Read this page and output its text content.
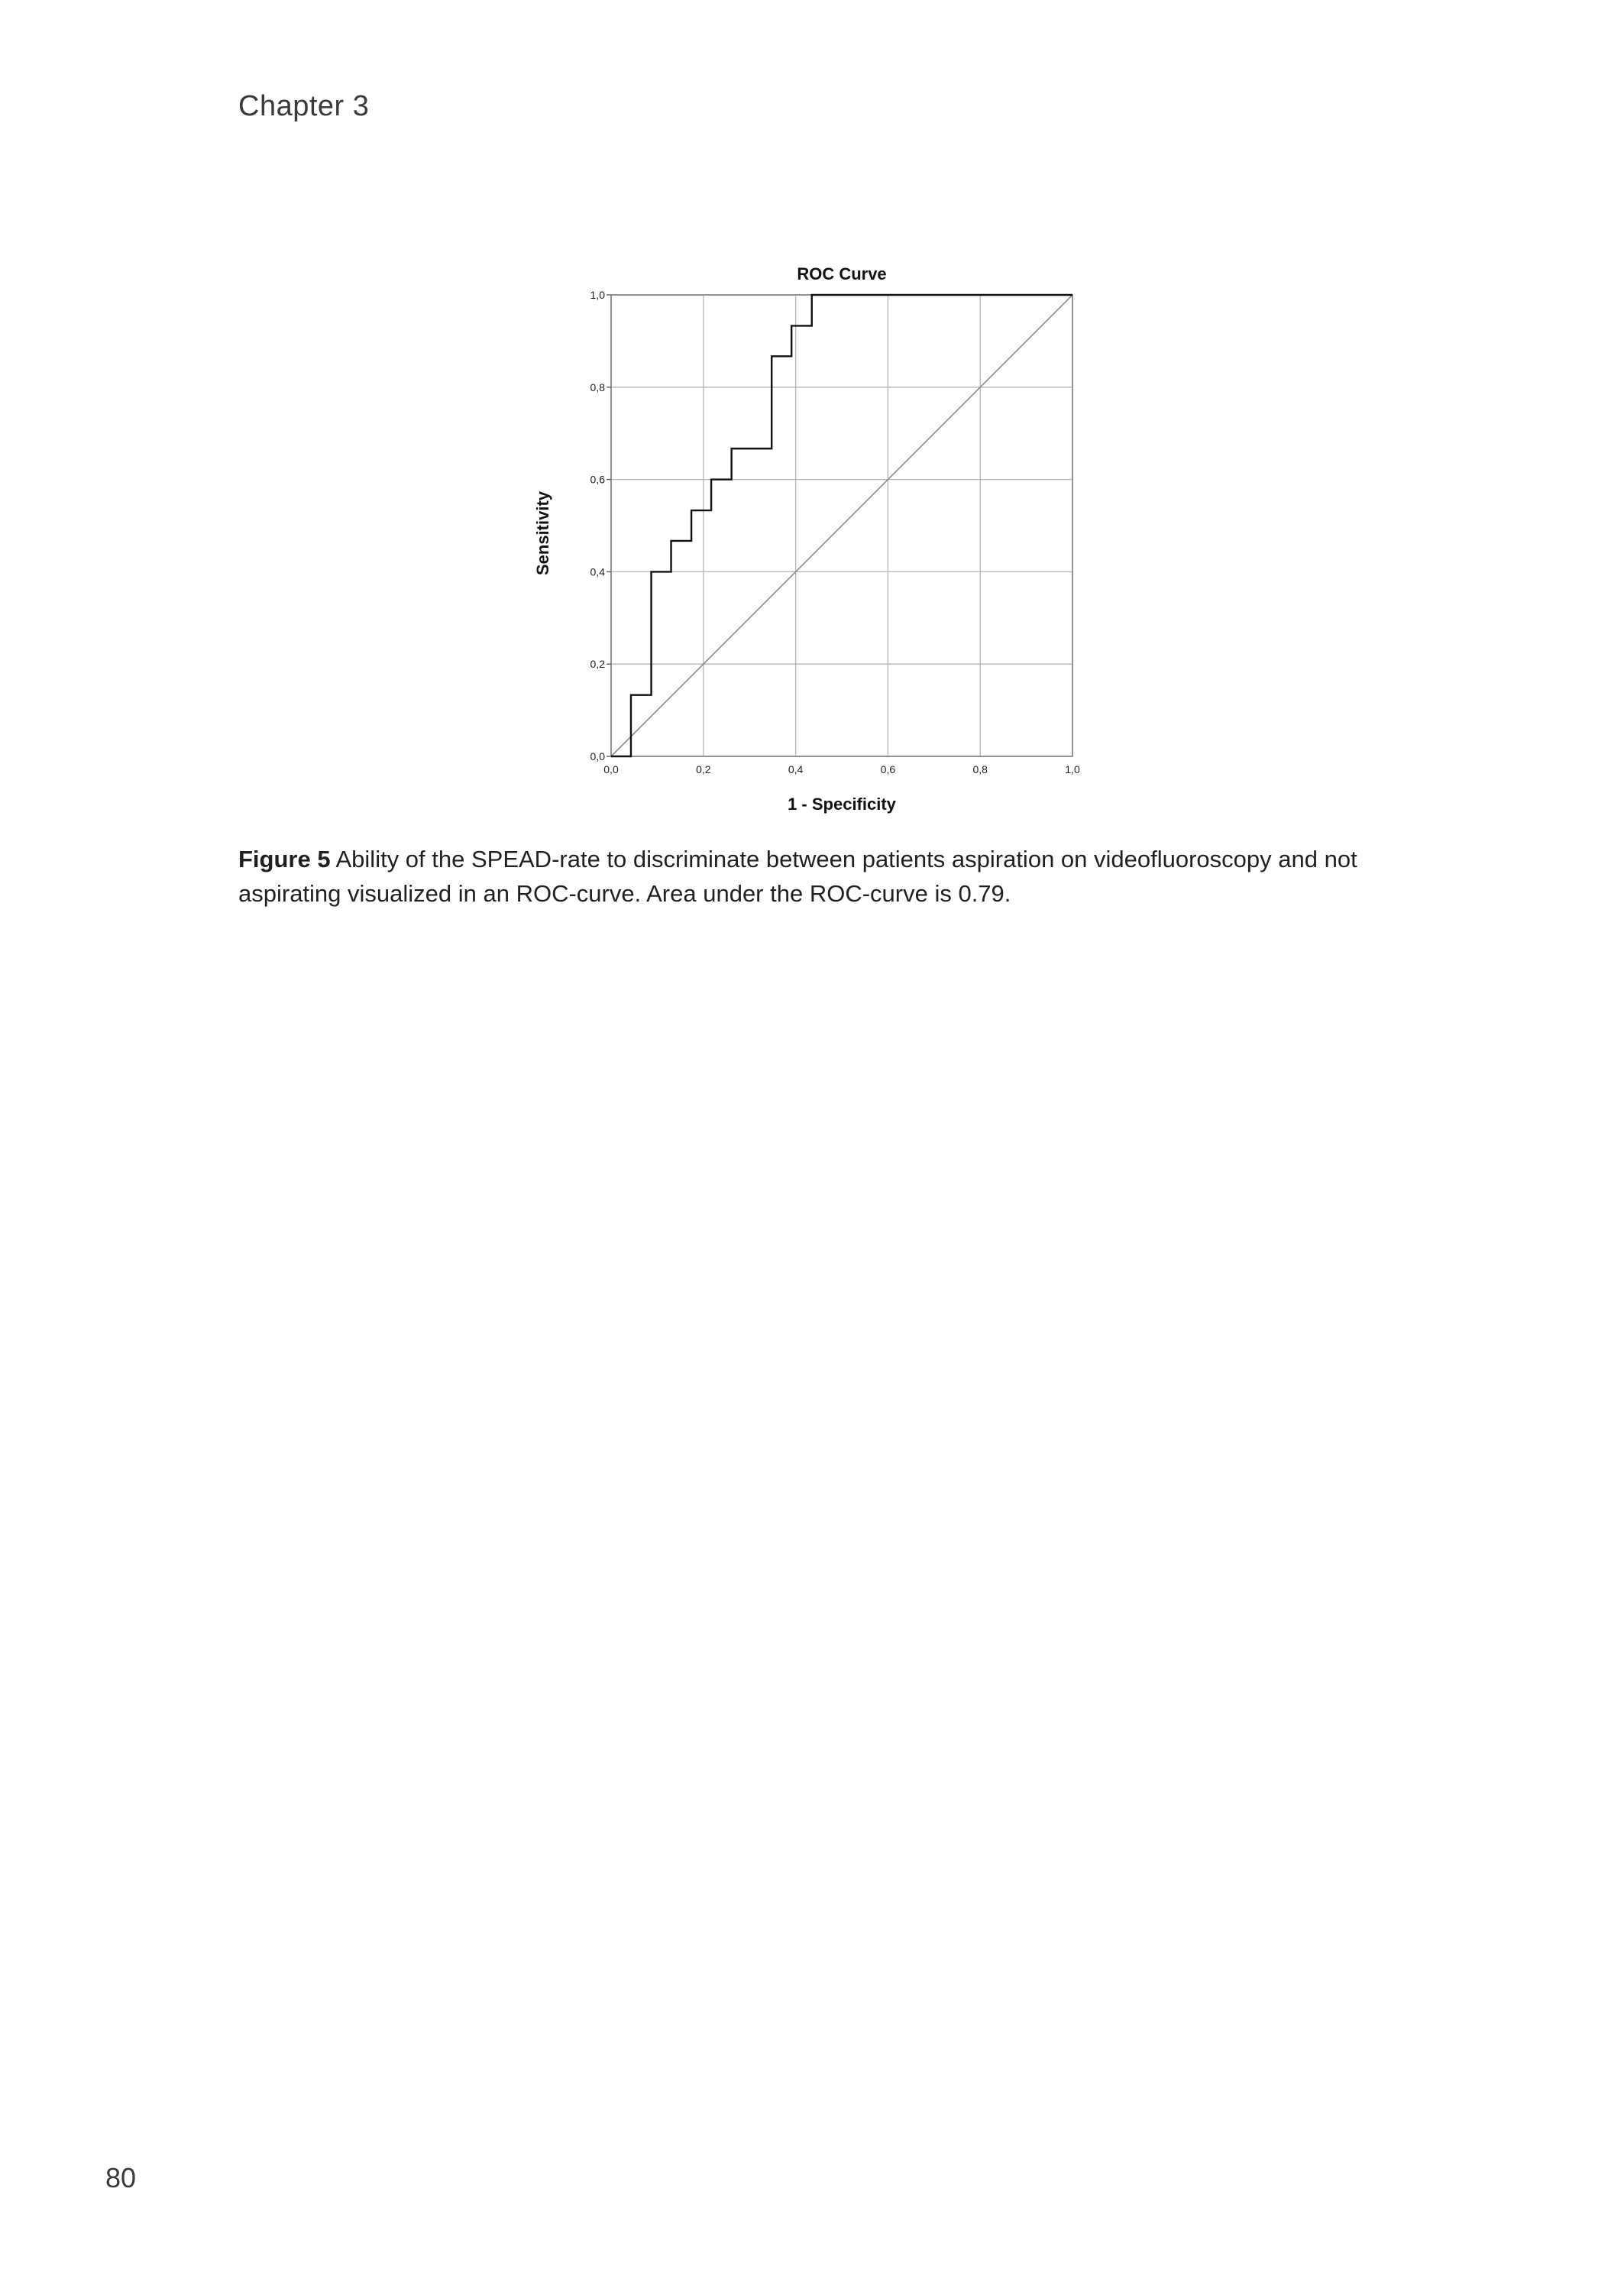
Chapter 3
ROC Curve
0,0	0,2	0,4	0,6	0,8	1,0
0,0
0,2
0,4
0,6
0,8
1,0
1 - Specificity
Sensitivity
Figure 5 Ability of the SPEAD-rate to discriminate between patients aspiration on videofluoroscopy and not aspirating visualized in an ROC-curve. Area under the ROC-curve is 0.79.
80
